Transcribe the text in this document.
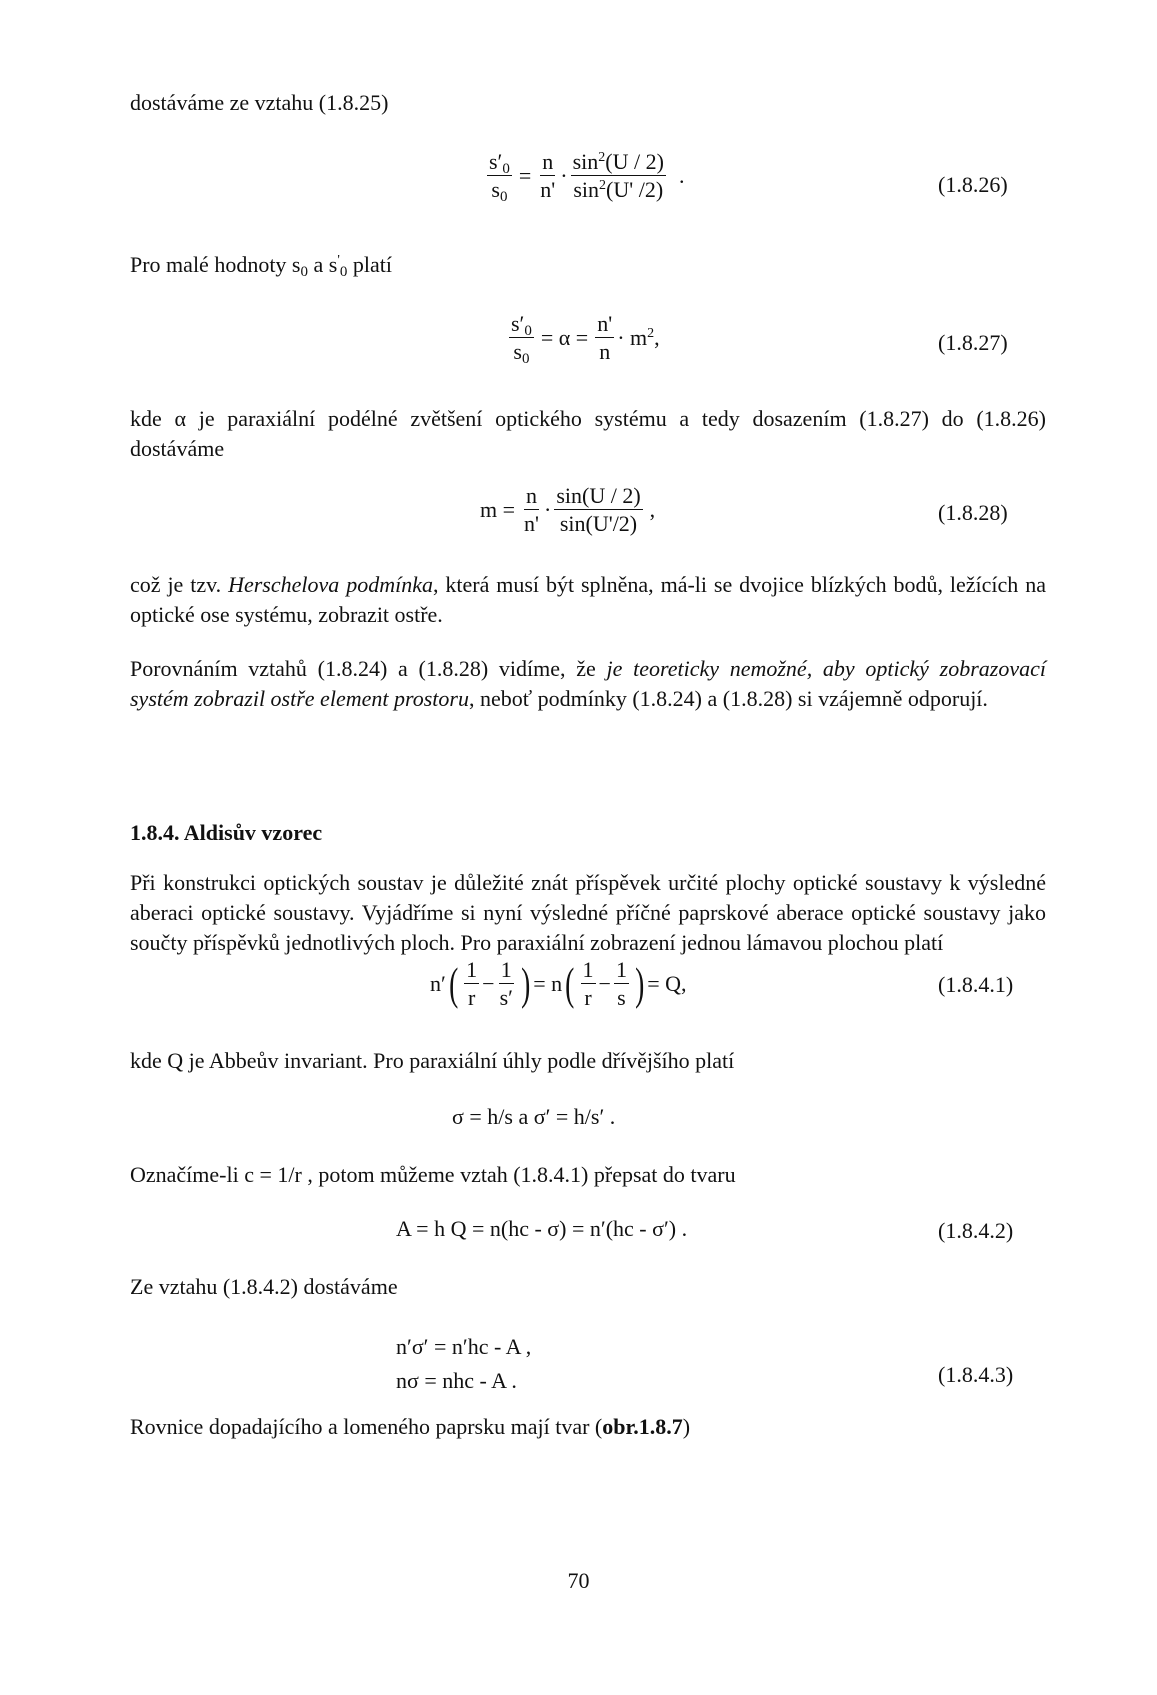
dostáváme ze vztahu (1.8.25)

$\frac{s'_0}{s_0} = \frac{n}{n'} \cdot \frac{\sin^2(U / 2)}{\sin^2(U' /2)}$ .	(1.8.26)

Pro malé hodnoty $s_0$ a $s'_0$ platí

$\frac{s'_0}{s_0} = \alpha = \frac{n'}{n} \cdot m^2$,	(1.8.27)

kde α je paraxiální podélné zvětšení optického systému a tedy dosazením (1.8.27) do (1.8.26) dostáváme

$m = \frac{n}{n'} \cdot \frac{\sin(U / 2)}{\sin(U'/2)}$ ,	(1.8.28)

což je tzv. Herschelova podmínka, která musí být splněna, má-li se dvojice blízkých bodů, ležících na optické ose systému, zobrazit ostře.

Porovnáním vztahů (1.8.24) a (1.8.28) vidíme, že je teoreticky nemožné, aby optický zobrazovací systém zobrazil ostře element prostoru, neboť podmínky (1.8.24) a (1.8.28) si vzájemně odporují.

1.8.4. Aldisův vzorec

Při konstrukci optických soustav je důležité znát příspěvek určité plochy optické soustavy k výsledné aberaci optické soustavy. Vyjádříme si nyní výsledné příčné paprskové aberace optické soustavy jako součty příspěvků jednotlivých ploch. Pro paraxiální zobrazení jednou lámavou plochou platí

n′ ( $\frac{1}{r} - \frac{1}{s'}$ ) = n ( $\frac{1}{r} - \frac{1}{s}$ ) = Q,	(1.8.4.1)

kde Q je Abbeův invariant. Pro paraxiální úhly podle dřívějšího platí

σ = h/s a σ′ = h/s′ .

Označíme-li c = 1/r , potom můžeme vztah (1.8.4.1) přepsat do tvaru

A = h Q = n(hc - σ) = n′(hc - σ′) .	(1.8.4.2)

Ze vztahu (1.8.4.2) dostáváme

n′σ′ = n′hc - A ,
nσ = nhc - A .	(1.8.4.3)

Rovnice dopadajícího a lomeného paprsku mají tvar (obr.1.8.7)

70
